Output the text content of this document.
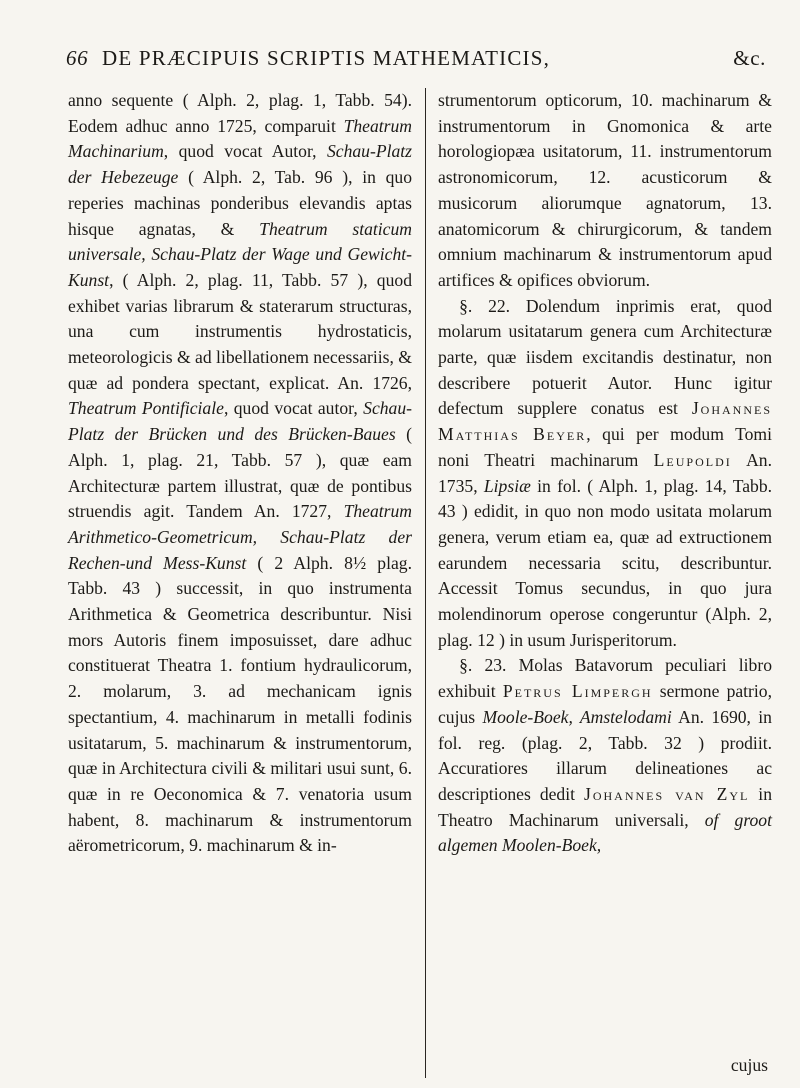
66 DE PRÆCIPUIS SCRIPTIS MATHEMATICIS,	&c.

anno sequente ( Alph. 2, plag. 1, Tabb. 54). Eodem adhuc anno 1725, comparuit Theatrum Machinarium, quod vocat Autor, Schau-Platz der Hebezeuge ( Alph. 2, Tab. 96 ), in quo reperies machinas ponderibus elevandis aptas hisque agnatas, & Theatrum staticum universale, Schau-Platz der Wage und Gewicht-Kunst, ( Alph. 2, plag. 11, Tabb. 57 ), quod exhibet varias librarum & staterarum structuras, una cum instrumentis hydrostaticis, meteorologicis & ad libellationem necessariis, & quæ ad pondera spectant, explicat. An. 1726, Theatrum Pontificiale, quod vocat autor, Schau-Platz der Brücken und des Brücken-Baues ( Alph. 1, plag. 21, Tabb. 57 ), quæ eam Architecturæ partem illustrat, quæ de pontibus struendis agit. Tandem An. 1727, Theatrum Arithmetico-Geometricum, Schau-Platz der Rechen-und Mess-Kunst ( 2 Alph. 8½ plag. Tabb. 43 ) successit, in quo instrumenta Arithmetica & Geometrica describuntur. Nisi mors Autoris finem imposuisset, dare adhuc constituerat Theatra 1. fontium hydraulicorum, 2. molarum, 3. ad mechanicam ignis spectantium, 4. machinarum in metalli fodinis usitatarum, 5. machinarum & instrumentorum, quæ in Architectura civili & militari usui sunt, 6. quæ in re Oeconomica & 7. venatoria usum habent, 8. machinarum & instrumentorum aërometricorum, 9. machinarum & in-

strumentorum opticorum, 10. machinarum & instrumentorum in Gnomonica & arte horologiopæa usitatorum, 11. instrumentorum astronomicorum, 12. acusticorum & musicorum aliorumque agnatorum, 13. anatomicorum & chirurgicorum, & tandem omnium machinarum & instrumentorum apud artifices & opifices obviorum.

§. 22. Dolendum inprimis erat, quod molarum usitatarum genera cum Architecturæ parte, quæ iisdem excitandis destinatur, non describere potuerit Autor. Hunc igitur defectum supplere conatus est Johannes Matthias Beyer, qui per modum Tomi noni Theatri machinarum Leupoldi An. 1735, Lipsiæ in fol. ( Alph. 1, plag. 14, Tabb. 43 ) edidit, in quo non modo usitata molarum genera, verum etiam ea, quæ ad extructionem earundem necessaria scitu, describuntur. Accessit Tomus secundus, in quo jura molendinorum operose congeruntur (Alph. 2, plag. 12 ) in usum Jurisperitorum.

§. 23. Molas Batavorum peculiari libro exhibuit Petrus Limpergh sermone patrio, cujus Moole-Boek, Amstelodami An. 1690, in fol. reg. (plag. 2, Tabb. 32 ) prodiit. Accuratiores illarum delineationes ac descriptiones dedit Johannes van Zyl in Theatro Machinarum universali, of groot algemen Moolen-Boek,

cujus
